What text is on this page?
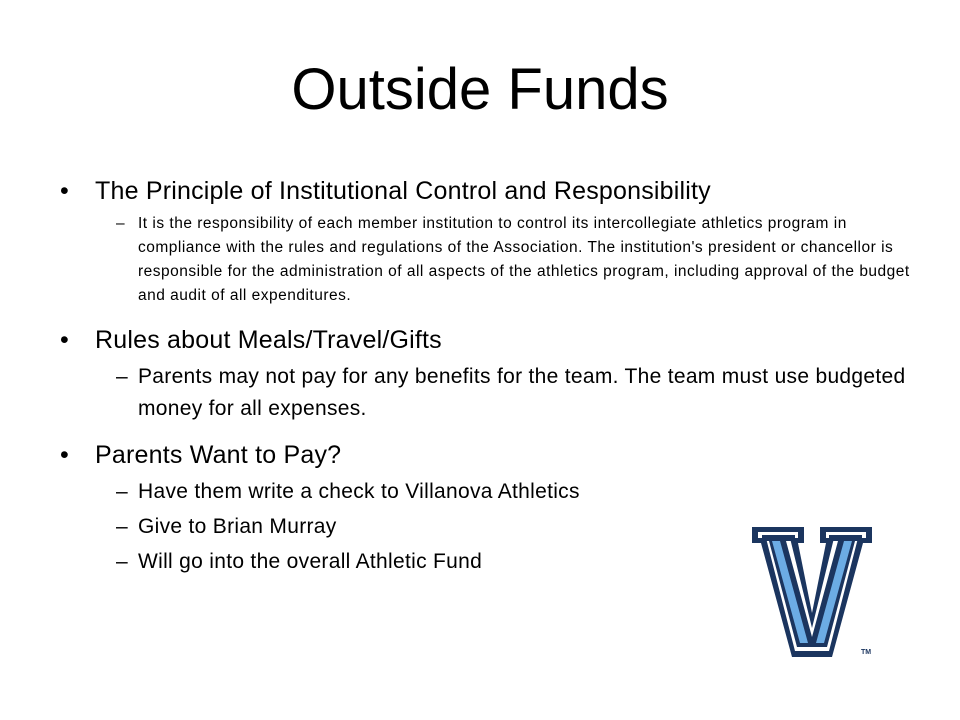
Outside Funds
• The Principle of Institutional Control and Responsibility
– It is the responsibility of each member institution to control its intercollegiate athletics program in compliance with the rules and regulations of the Association. The institution's president or chancellor is responsible for the administration of all aspects of the athletics program, including approval of the budget and audit of all expenditures.
• Rules about Meals/Travel/Gifts
– Parents may not pay for any benefits for the team. The team must use budgeted money for all expenses.
• Parents Want to Pay?
– Have them write a check to Villanova Athletics
– Give to Brian Murray
– Will go into the overall Athletic Fund
TM
